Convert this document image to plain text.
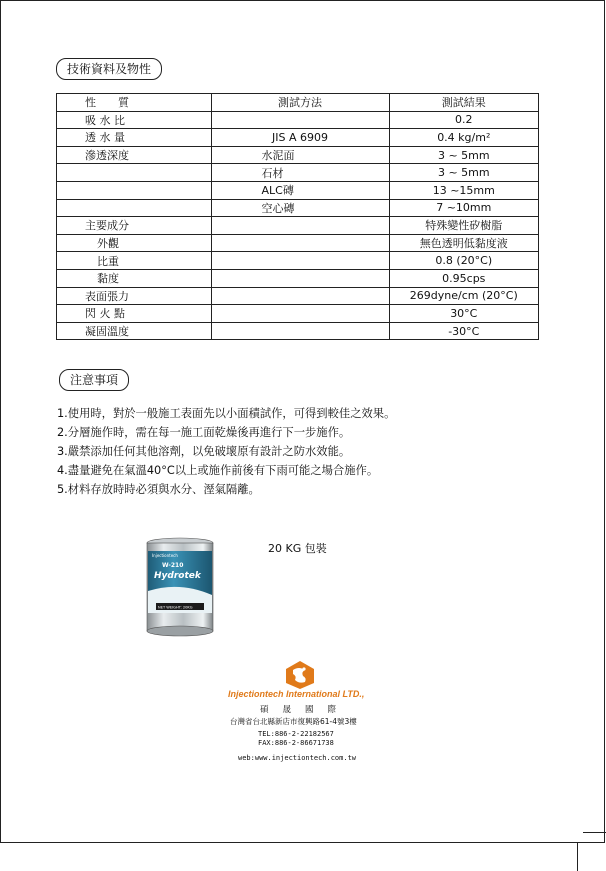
技術資料及物性
性　　質	測試方法	測試結果
吸 水 比		0.2
透 水 量	JIS A 6909	0.4 kg/m²
滲透深度	水泥面	3 ~ 5mm
	石材	3 ~ 5mm
	ALC磚	13 ~15mm
	空心磚	7 ~10mm
主要成分		特殊變性矽樹脂
外觀		無色透明低黏度液
比重		0.8 (20°C)
黏度		0.95cps
表面張力		269dyne/cm (20°C)
閃 火 點		30°C
凝固溫度		-30°C
注意事項
1.使用時，對於一般施工表面先以小面積試作，可得到較佳之效果。
2.分層施作時，需在每一施工面乾燥後再進行下一步施作。
3.嚴禁添加任何其他溶劑，以免破壞原有設計之防水效能。
4.盡量避免在氣溫40°C以上或施作前後有下雨可能之場合施作。
5.材料存放時時必須與水分、溼氣隔離。
Injectiontech
W-210
Hydrotek
NET WEIGHT: 20KG
20 KG 包裝
Injectiontech International LTD.,
碩晟國際
台灣省台北縣新店市復興路61-4號3樓
TEL:886-2-22182567
FAX:886-2-86671738
web:www.injectiontech.com.tw
